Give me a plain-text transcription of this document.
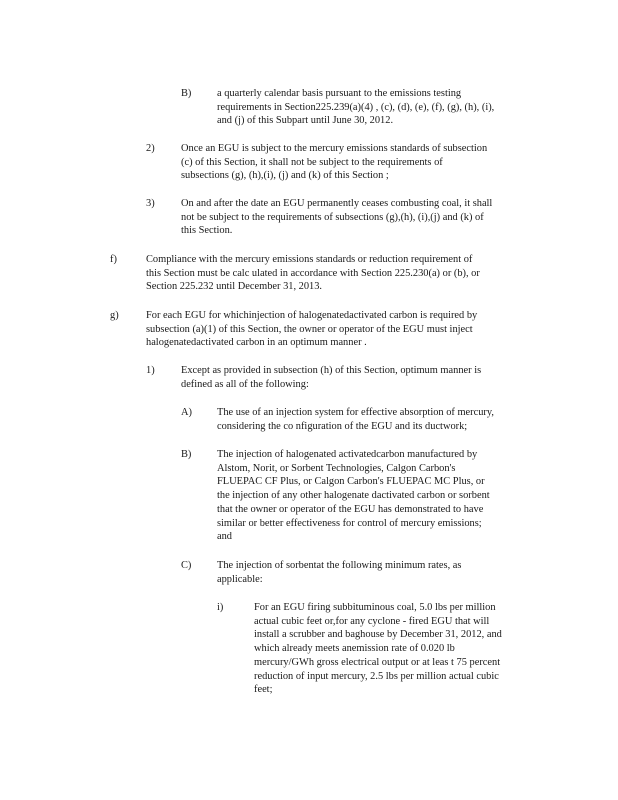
B) a quarterly calendar basis pursuant to the emissions testing

requirements in Section225.239(a)(4) , (c), (d), (e), (f), (g), (h), (i),

and (j) of this Subpart until June 30, 2012.

2)	Once an EGU is subject to the mercury emissions standards of subsection

(c) of this Section, it shall not be subject to the requirements of

subsections (g), (h),(i), (j) and (k) of this Section ;

3)	On and after the date an EGU permanently ceases combusting coal, it shall

not be subject to the requirements of subsections (g),(h), (i),(j) and (k) of

this Section.

f)	Compliance with the mercury emissions standards or reduction requirement of

this Section must be calc ulated in accordance with Section 225.230(a) or (b), or

Section 225.232 until December 31, 2013.

g)	For each EGU for whichinjection of halogenatedactivated carbon is required by

subsection (a)(1) of this Section, the owner or operator of the EGU must inject

halogenatedactivated carbon in an optimum manner .

1)	Except as provided in subsection (h) of this Section, optimum manner is

defined as all of the following:

A) The use of an injection system for effective absorption of mercury,

considering the co nfiguration of the EGU and its ductwork;

B) The injection of halogenated activatedcarbon manufactured by

Alstom, Norit, or Sorbent Technologies, Calgon Carbon's

FLUEPAC CF Plus, or Calgon Carbon's FLUEPAC MC Plus, or

the injection of any other halogenate dactivated carbon or sorbent

that the owner or operator of the EGU has demonstrated to have

similar or better effectiveness for control of mercury emissions;

and

C) The injection of sorbentat the following minimum rates, as

applicable:

i)	For an EGU firing subbituminous coal, 5.0 lbs per million

actual cubic feet or,for any cyclone - fired EGU that will

install a scrubber and baghouse by December 31, 2012, and

which already meets anemission rate of 0.020 lb

mercury/GWh gross electrical output or at leas t 75 percent

reduction of input mercury, 2.5 lbs per million actual cubic

feet;
